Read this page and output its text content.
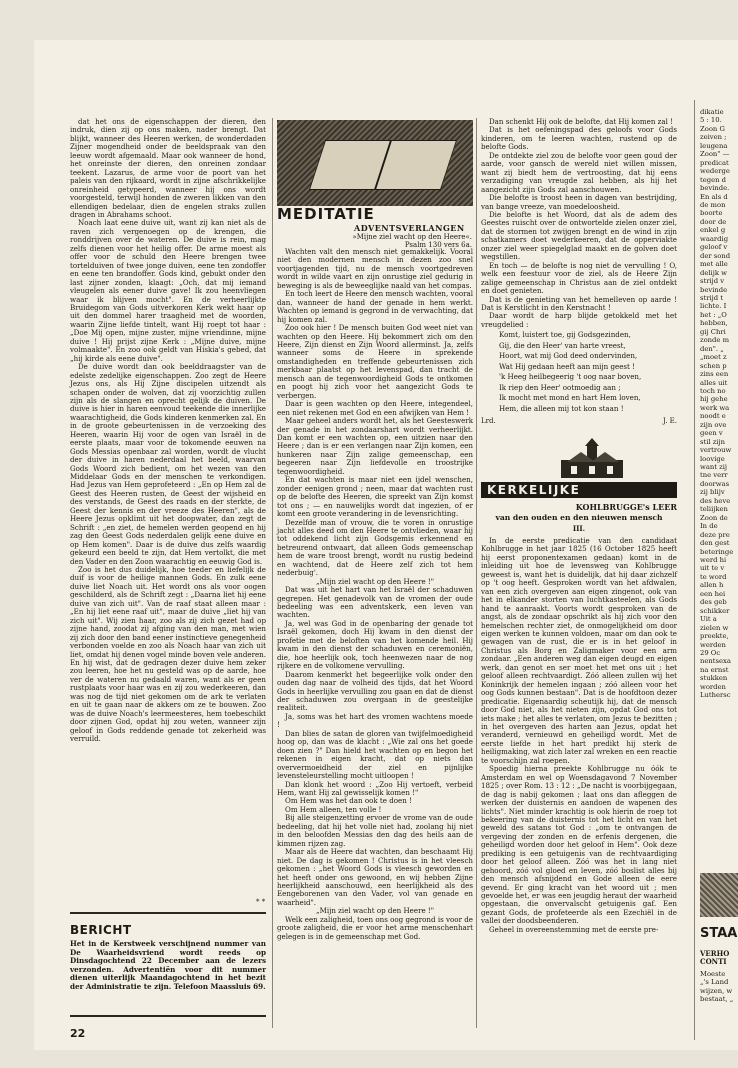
dat het ons de eigenschappen der dieren, den indruk, dien zij op ons maken, nader brengt. Dat blijkt, wanneer des Heeren werken, de wonderdaden Zijner mogendheid onder de beeldspraak van den leeuw wordt afgemaald. Maar ook wanneer de hond, het onreinste der dieren, den onreinen zondaar teekent. Lazarus, de arme voor de poort van het paleis van den rijkaard, wordt in zijne afschrikkelijke onreinheid getypeerd, wanneer hij ons wordt voorgesteld, terwijl honden de zweren likken van den ellendigen bedelaar, dien de engelen straks zullen dragen in Abrahams schoot.

Noach laat eene duive uit, want zij kan niet als de raven zich vergenoegen op de krengen, die ronddrijven over de wateren. De duive is rein, mag zelfs dienen voor het heilig offer. De arme moest als offer voor de schuld den Heere brengen twee tortelduiven of twee jonge duiven, eene ten zondoffer en eene ten brandoffer. Gods kind, gebukt onder den last zijner zonden, klaagt: „Och, dat mij iemand vleugelen als eener duive gave! Ik zou heenvliegen waar ik blijven mocht". En de verheerlijkte Bruidegom van Gods uitverkoren Kerk wekt haar op uit den dommel harer traagheid met de woorden, waarin Zijne liefde tintelt, want Hij roept tot haar : „Doe Mij open, mijne zuster, mijne vriendinne, mijne duive ! Hij prijst zijne Kerk : „Mijne duive, mijne volmaakte". En zoo ook geldt van Hiskia's gebed, dat „hij kirde als eene duive".

De duive wordt dan ook beelddraagster van de edelste zedelijke eigenschappen. Zoo zegt de Heere Jezus ons, als Hij Zijne discipelen uitzendt als schapen onder de wolven, dat zij voorzichtig zullen zijn als de slangen en oprecht gelijk de duiven. De duive is hier in haren eenvoud teekende die innerlijke waarachtigheid, die Gods kinderen kenmerken zal. En in de groote gebeurtenissen in de verzoeking des Heeren, waarin Hij voor de ogen van Israël in de eerste plaats, maar voor de tokomende eeuwen na Gods Messias openbaar zal worden, wordt de vlucht der duive in haren nederdaal het beeld, waarvan Gods Woord zich bedient, om het wezen van den Middelaar Gods en der menschen te verkondigen. Had Jezus van Hem geprofeteerd : „En op Hem zal de Geest des Heeren rusten, de Geest der wijsheid en des verstands, de Geest des raads en der sterkte, de Geest der kennis en der vreeze des Heeren", als de Heere Jezus opklimt uit het doopwater, dan zegt de Schrift : „en ziet, de hemelen werden geopend en hij zag den Geest Gods nederdalen gelijk eene duive en op Hem komen". Daar is de duive dus zelfs waardig gekeurd een beeld te zijn, dat Hem vertolkt, die met den Vader en den Zoon waarachtig en eeuwig God is.

Zoo is het dus duidelijk, hoe teeder en liefelijk de duif is voor de heilige mannen Gods. En zulk eene duive liet Noach uit. Het wordt ons als voor oogen geschilderd, als de Schrift zegt : „Daarna liet hij eene duive van zich uit". Van de raaf staat alleen maar : „En hij liet eene raaf uit", maar de duive „liet hij van zich uit". Wij zien haar, zoo als zij zich gezet had op zijne hand, zoodat zij afging van den man, met wien zij zich door den band eener instinctieve genegenheid verbonden voelde en zoo als Noach haar van zich uit liet, omdat hij denen vogel minde boven vele anderen. En hij wist, dat de gedragen dezer duive hem zeker zou leeren, hoe het nu gesteld was op de aarde, hoe ver de wateren nu gedaald waren, want als er geen rustplaats voor haar was en zij zou wederkeeren, dan was nog de tijd niet gekomen om de ark te verlaten en uit te gaan naar de akkers om ze te bouwen. Zoo was de duive Noach's leermeesteres, hem toebeschikt door zijnen God, opdat hij zou weten, wanneer zijn geloof in Gods reddende genade tot zekerheid was verruild.

* *
BERICHT
Het in de Kerstweek verschijnend nummer van De Waarheidsvriend wordt reeds op Dinsdagochtend 22 December aan de lezers verzonden. Advertentiën voor dit nummer dienen uiterlijk Maandagochtend in het bezit der Administratie te zijn. Telefoon Maassluis 69.
22
MEDITATIE
ADVENTSVERLANGEN
»Mijne ziel wacht op den Heere«.
Psalm 130 vers 6a.

Wachten valt den mensch niet gemakkelijk. Vooral niet den modernen mensch in dezen zoo snel voortjagenden tijd, nu de mensch voortgedreven wordt in wilde vaart en zijn onrustige ziel gedurig in beweging is als de beweeglijke naald van het compas.

En toch leert de Heere den mensch wachten, vooral dan, wanneer de hand der genade in hem werkt. Wachten op iemand is gegrond in de verwachting, dat hij komen zal.

Zoo ook hier ! De mensch buiten God weet niet van wachten op den Heere. Hij bekommert zich om den Heere, Zijn dienst en Zijn Woord allerminst. Ja, zelfs wanneer soms de Heere in sprekende omstandigheden en treffende gebeurtenissen zich merkbaar plaatst op het levenspad, dan tracht de mensch aan de tegenwoordigheid Gods te ontkomen en poogt hij zich voor het aangezicht Gods te verbergen.

Daar is geen wachten op den Heere, integendeel, een niet rekenen met God en een afwijken van Hem !

Maar geheel anders wordt het, als het Geesteswerk der genade in het zondaarshart wordt verheerlijkt. Dan komt er een wachten op, een uitzien naar den Heere ; dan is er een verlangen naar Zijn komen, een hunkeren naar Zijn zalige gemeenschap, een begeeren naar Zijn liefdevolle en troostrijke tegenwoordigheid.

En dat wachten is maar niet een ijdel wenschen, zonder eenigen grond ; neen, maar dat wachten rust op de belofte des Heeren, die spreekt van Zijn komst tot ons ; — en nauwelijks wordt dat ingezien, of er komt een groote verandering in de levensrichting.

Dezelfde man of vrouw, die te voren in onrustige jacht alles deed om den Heere te ontvlieden, waar hij tot oddekend licht zijn Godsgemis erkennend en betreurend ontwaart, dat alleen Gods gemeenschap hem de ware troost brengt, wordt nu rustig bedeind en wachtend, dat de Heere zelf zich tot hem nederbuig'.

„Mijn ziel wacht op den Heere !"

Dat was uit het hart van het Israël der schaduwen gegrepen. Het genadevolk van de vromen der oude bedeeling was een adventskerk, een leven van wachten.

Ja, wel was God in de openbaring der genade tot Israël gekomen, doch Hij kwam in den dienst der profetie met de beloften van het komende heil. Hij kwam in den dienst der schaduwen en ceremoniën, die, hoe heerlijk ook, toch heenwezen naar de nog rijkere en de volkomene vervulling.

Daarom kenmerkt het begeerlijke volk onder den ouden dag naar de volheid des tijds, dat het Woord Gods in heerlijke vervulling zou gaan en dat de dienst der schaduwen zou overgaan in de geestelijke realiteit.

Ja, soms was het hart des vromen wachtens moede !

Dan blies de satan de gloren van twijfelmoedigheid hoog op, dan was de klacht : „Wie zal ons het goede doen zien ?" Dan hield het wachten op en begon het rekenen in eigen kracht, dat op niets dan oververmoeidheid der ziel en pijnlijke levensteleurstelling mocht uitloopen !

Dan klonk het woord : „Zoo Hij vertoeft, verbeid Hem, want Hij zal gewisselijk komen !"

Om Hem was het dan ook te doen !

Om Hem alleen, ten volle !

Bij alle steigenzetting ervoer de vrome van de oude bedeeling, dat hij het volle niet had, zoolang hij niet in den beloofden Messias den dag des heils aan de kimmen rijzen zag.

Maar als de Heere dat wachten, dan beschaamt Hij niet. De dag is gekomen ! Christus is in het vleesch gekomen : „het Woord Gods is vleesch geworden en het heeft onder ons gewoond, en wij hebben Zijne heerlijkheid aanschouwd, een heerlijkheid als des Eengeborenen van den Vader, vol van genade en waarheid".

„Mijn ziel wacht op den Heere !"

Welk een zaligheid, toen ons oog gegrond is voor de groote zaligheid, die er voor het arme menschenhart gelegen is in de gemeenschap met God.

Dan schenkt Hij ook de belofte, dat Hij komen zal !

Dat is het oefeningspad des geloofs voor Gods kinderen, om te leeren wachten, rustend op de belofte Gods.

De ontdekte ziel zou de belofte voor geen goud der aarde, voor gansch de wereld niet willen missen, want zij biedt hem de vertroosting, dat hij eens verzadiging van vreugde zal hebben, als hij het aangezicht zijn Gods zal aanschouwen.

Die belofte is troost heen in dagen van bestrijding, van bange vreeze, van moedeloosheid.

Die belofte is het Woord, dat als de adem des Geestes ruischt over de ontwortelde zielen onzer ziel, dat de stormen tot zwijgen brengt en de wind in zijn schatkamers doet wederkeeren, dat de opperviakte onzer ziel weer spiegelglad maakt en de golven doet wegstillen.

En toch — de belofte is nog niet de vervulling ! O, welk een feestuur voor de ziel, als de Heere Zijn zalige gemeenschap in Christus aan de ziel ontdekt en doet genieten.

Dat is de genieting van het hemelleven op aarde ! Dat is Kerstlicht in den Kerstnacht !

Daar wordt de harp blijde getokkeld met het vreugdelied :

Komt, luistert toe, gij Godsgezinden,

Gij, die den Heer' van harte vreest,

Hoort, wat mij God deed ondervinden,

Wat Hij gedaan heeft aan mijn geest !

'k Heeg heilbegeerig 't oog naar boven,

Ik riep den Heer' ootmoedig aan ;

Ik mocht met mond en hart Hem loven,

Hem, die alleen mij tot kon staan !

Lrd.	J. E.
KERKELIJKE RONDSCHOUW
KOHLBRUGGE's LEER
van den ouden en den nieuwen mensch
III.

In de eerste predicatie van den candidaat Kohlbrugge in het jaar 1825 (16 October 1825 heeft hij eerst proponentexamen gedaan) komt in de inleiding uit hoe de levensweg van Kohlbrugge geweest is, want het is duidelijk, dat hij daar zichzelf op 't oog heeft. Gesproken wordt van het afdwalen, van een zich overgeven aan eigen zingenot, ook van het in elkander storten van luchtkasteelen, als Gods hand te aanraakt. Voorts wordt gesproken van de angst, als de zondaar opschrikt als hij zich voor den hemelschen rechter ziet, de onmogelijkheid om door eigen werken te kunnen voldoen, maar om dan ook te gewagen van de rust, die er is in het geloof in Christus als Borg en Zaligmaker voor een arm zondaar. „Een anderen weg dan eigen deugd en eigen werk, dan genot en ser moet het met ons uit ; het geloof alleen rechtvaardigt. Zóó alleen zullen wij het Koninkrijk der hemelen ingaan ; zóó alleen voor het oog Gods kunnen bestaan". Dat is de hoofdtoon dezer predicatie. Eigenaardig scheutijk hij, dat de mensch door God niet, als het nieten zijn, opdat God ons tot iets make ; het alles te verlaten, om Jezus te bezitten ; in het overgeven des harten aan Jezus, opdat het veranderd, vernieuwd en geheiligd wordt. Met de eerste liefde in het hart predikt hij sterk de heiligmaking, wat zich later zal wreken en een reactie te voorschijn zal roepen.

Spoedig hierna preekte Kohlbrugge nu óók te Amsterdam en wel op Woensdagavond 7 November 1825 ; over Rom. 13 : 12 : „De nacht is voorbijgegaan, de dag is nabij gekomen ; laat ons dan afleggen de werken der duisternis en aandoen de wapenen des lichts". Niet minder krachtig is ook hierin de roep tot bekeering van de duisternis tot het licht en van het geweld des satans tot God : „om te ontvangen de vergeving der zonden en de erfenis dergenen, die geheiligd worden door het geloof in Hem". Ook deze prediking is een getuigenis van de rechtvaardiging door het geloof alleen. Zóó was het in lang niet gehoord, zóó vol gloed en leven, zóó boslist alles bij den mensch afsnijdend en Gode alleen de eere gevend. Er ging kracht van het woord uit ; men gevoelde het, er was een jeugdig heraut der waarheid opgestaan, die onvervalscht getuigenis gaf. Een gezant Gods, de profeteerde als een Ezechiël in de vallei der doodsbeenderen.

Geheel in overeenstemming met de eerste pre-

dikatie

5 : 10.

Zoon G

zeiven ;

leugena

Zoon" —

predicat

wederge

tegen d

bevinde.

En als d

de mon

boorte

door de

enkel g

waardig

geloof v

der sond

met alle

delijk w

strijd v

bevinde

strijd t

lichte. I

het : „O

hebben,

gij Chri

zonde m

den". „

„moet z

schen p

zins een

alles uit

toch no

hij gehe

werk wa

noodt e

zijn ove

geen v

stil zijn

vertrouw

loovige

want zij

tne verr

doorwas

zij blijv

des heve

teliijken

Zoon de

In de

deze pre

den gest

beteringe

werd hi

uit te v

te word

allen h

een hei

des geb

schikker

Uit a

zielen w

preekte,

werden

29 Oc

nentsexa

na ernst

stukken

worden

Luthersc

STAA
VERHO
CONTI
Moeste
„'s Land
wijzen, w
bestaat, „
